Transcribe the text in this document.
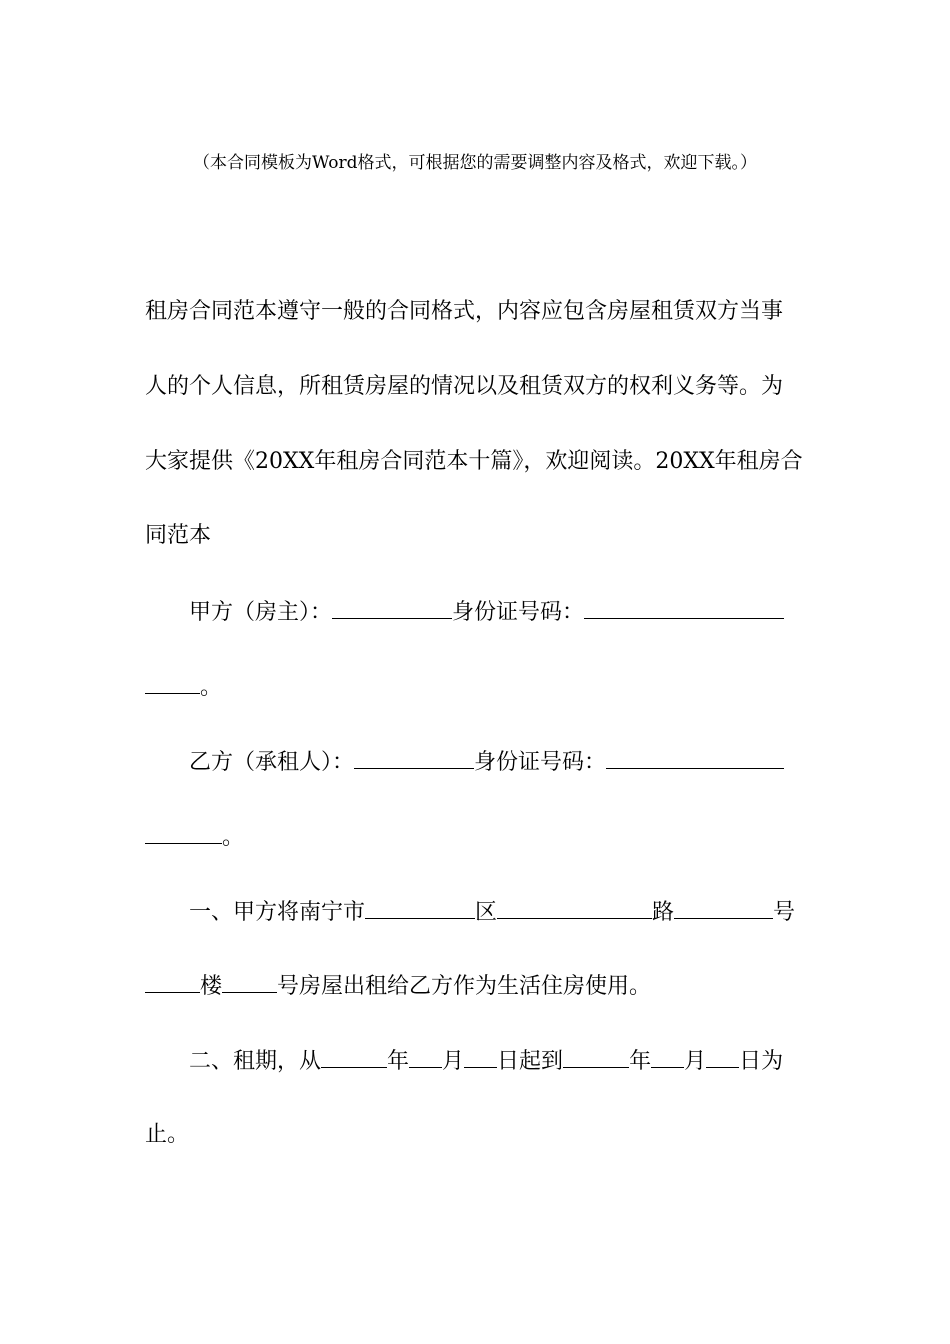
（本合同模板为Word格式，可根据您的需要调整内容及格式，欢迎下载。）
租房合同范本遵守一般的合同格式，内容应包含房屋租赁双方当事
人的个人信息，所租赁房屋的情况以及租赁双方的权利义务等。为
大家提供《20XX年租房合同范本十篇》，欢迎阅读。20XX年租房合
同范本
甲方（房主）：	身份证号码：
。
乙方（承租人）：	身份证号码：
。
一、甲方将南宁市	区	路	号
楼	号房屋出租给乙方作为生活住房使用。
二、租期，从	年 月 日起到	年 月 日为
止。
